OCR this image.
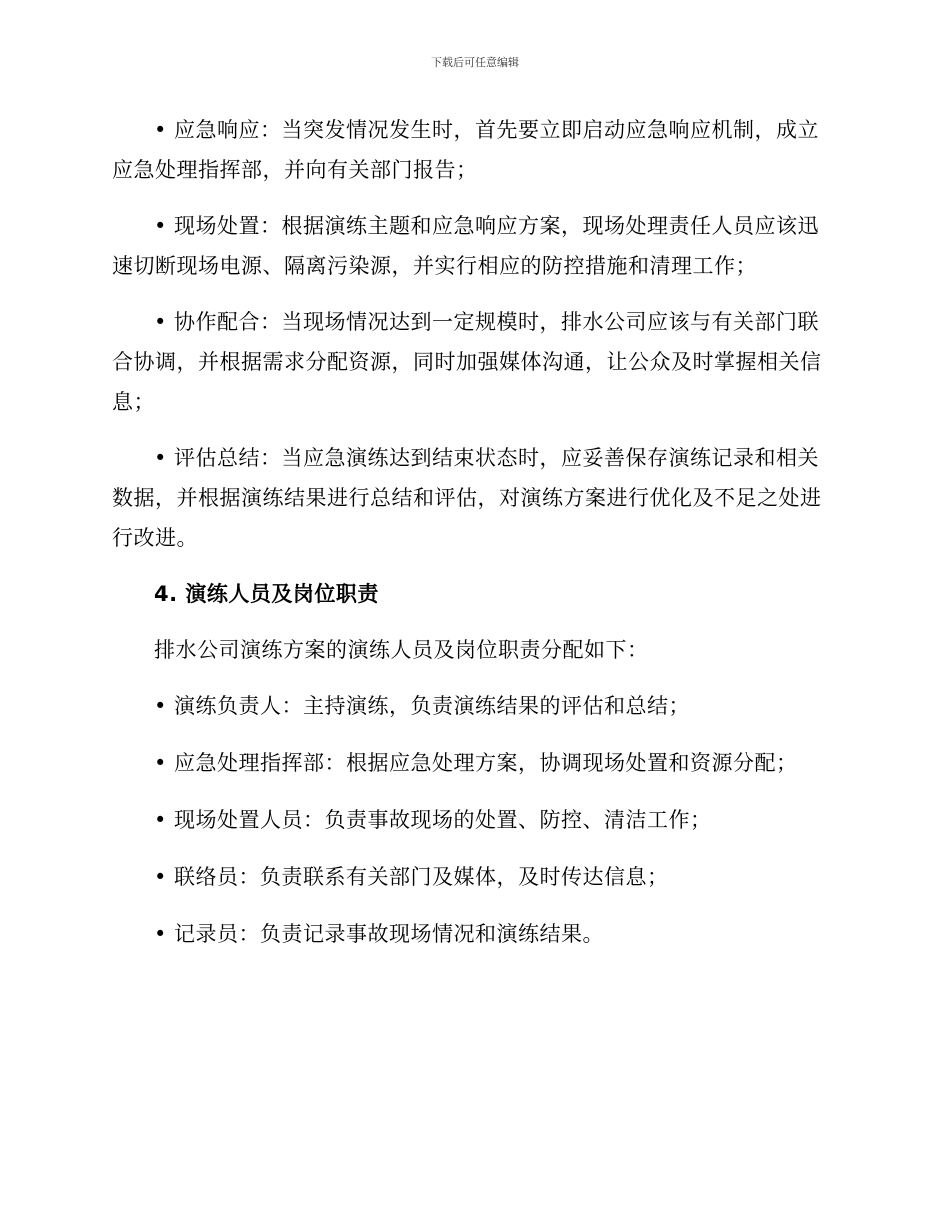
下载后可任意编辑

• 应急响应：当突发情况发生时，首先要立即启动应急响应机制，成立应急处理指挥部，并向有关部门报告；

• 现场处置：根据演练主题和应急响应方案，现场处理责任人员应该迅速切断现场电源、隔离污染源，并实行相应的防控措施和清理工作；

• 协作配合：当现场情况达到一定规模时，排水公司应该与有关部门联合协调，并根据需求分配资源，同时加强媒体沟通，让公众及时掌握相关信息；

• 评估总结：当应急演练达到结束状态时，应妥善保存演练记录和相关数据，并根据演练结果进行总结和评估，对演练方案进行优化及不足之处进行改进。

4. 演练人员及岗位职责

排水公司演练方案的演练人员及岗位职责分配如下：

• 演练负责人：主持演练，负责演练结果的评估和总结；

• 应急处理指挥部：根据应急处理方案，协调现场处置和资源分配；

• 现场处置人员：负责事故现场的处置、防控、清洁工作；

• 联络员：负责联系有关部门及媒体，及时传达信息；

• 记录员：负责记录事故现场情况和演练结果。
